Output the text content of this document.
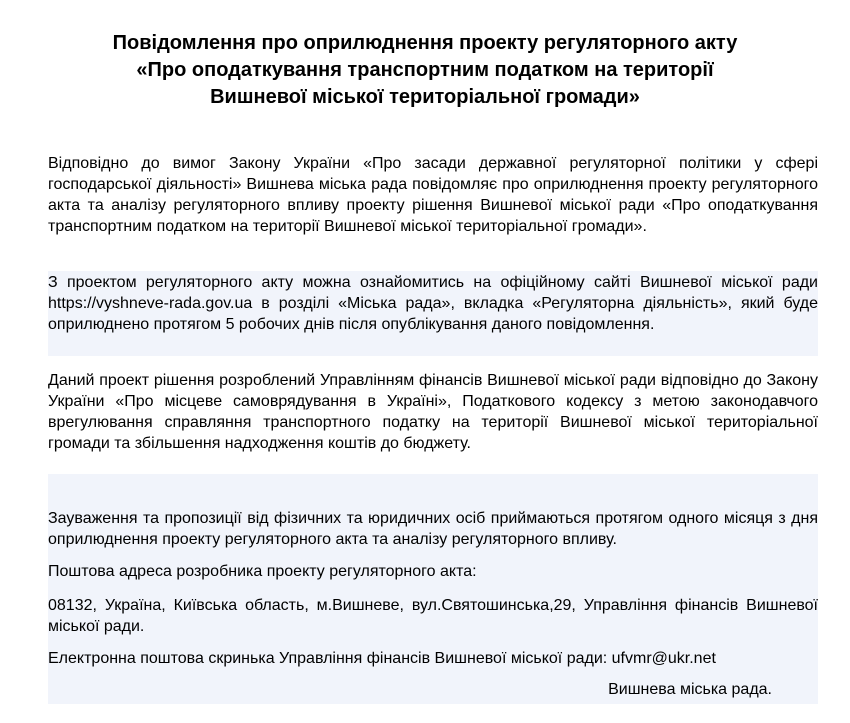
Повідомлення про оприлюднення проекту регуляторного акту
«Про оподаткування транспортним податком на території
Вишневої міської територіальної громади»
Відповідно до вимог Закону України «Про засади державної регуляторної політики у сфері господарської діяльності» Вишнева міська рада повідомляє про оприлюднення проекту регуляторного акта та аналізу регуляторного впливу проекту рішення Вишневої міської ради «Про оподаткування транспортним податком на території Вишневої міської територіальної громади».
З проектом регуляторного акту можна ознайомитись на офіційному сайті Вишневої міської ради https://vyshneve-rada.gov.ua в розділі «Міська рада», вкладка «Регуляторна діяльність», який буде оприлюднено протягом 5 робочих днів після опублікування даного повідомлення.
Даний проект рішення розроблений Управлінням фінансів Вишневої міської ради відповідно до Закону України «Про місцеве самоврядування в Україні», Податкового кодексу з метою законодавчого врегулювання справляння транспортного податку на території Вишневої міської територіальної громади та збільшення надходження коштів до бюджету.
Зауваження та пропозиції від фізичних та юридичних осіб приймаються протягом одного місяця з дня оприлюднення проекту регуляторного акта та аналізу регуляторного впливу.
Поштова адреса розробника проекту регуляторного акта:
08132, Україна, Київська область, м.Вишневе, вул.Святошинська,29, Управління фінансів Вишневої міської ради.
Електронна поштова скринька Управління фінансів Вишневої міської ради: ufvmr@ukr.net
Вишнева міська рада.
